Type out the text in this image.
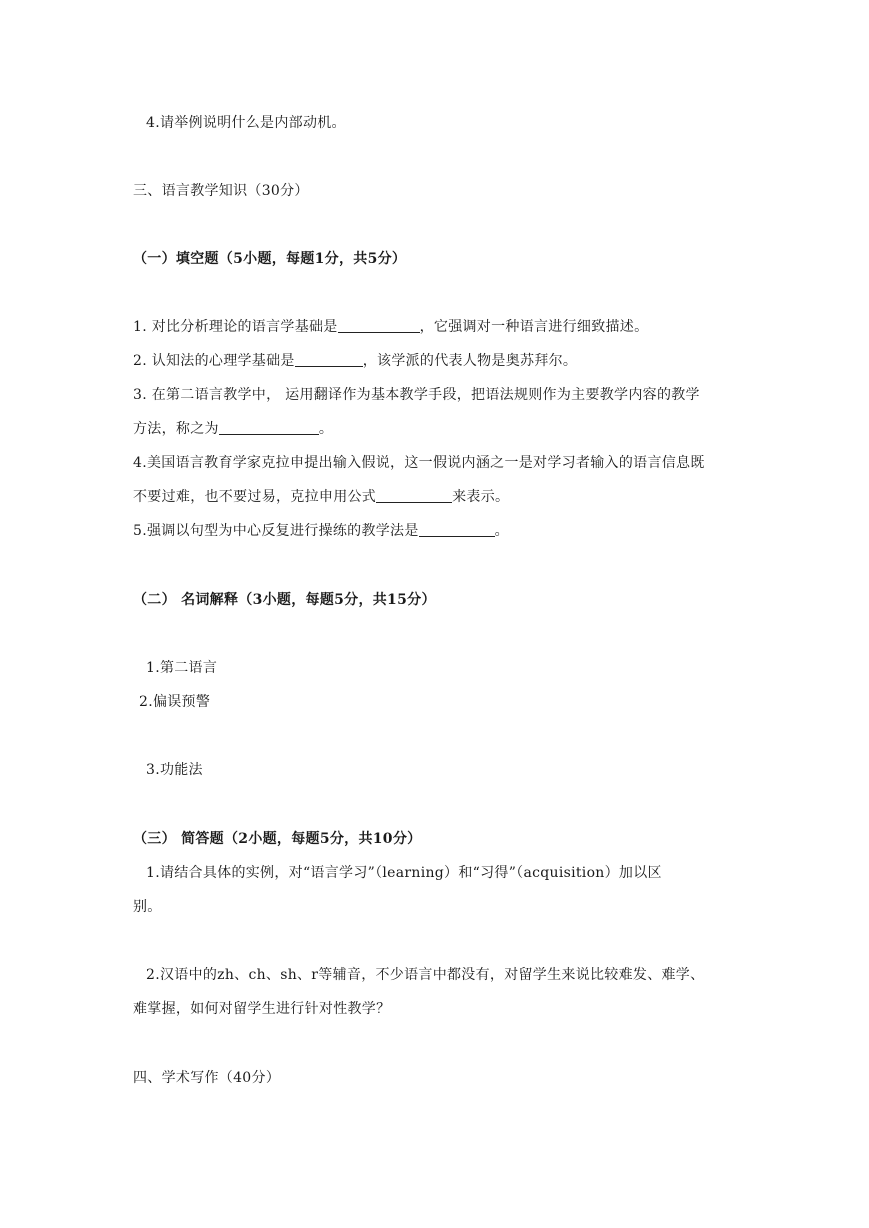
4.请举例说明什么是内部动机。
三、语言教学知识（30分）
（一）填空题（5小题，每题1分，共5分）
1. 对比分析理论的语言学基础是	，它强调对一种语言进行细致描述。
2. 认知法的心理学基础是	，该学派的代表人物是奥苏拜尔。
3. 在第二语言教学中， 运用翻译作为基本教学手段，把语法规则作为主要教学内容的教学
方法，称之为	。
4.美国语言教育学家克拉申提出输入假说，这一假说内涵之一是对学习者输入的语言信息既
不要过难，也不要过易，克拉申用公式	来表示。
5.强调以句型为中心反复进行操练的教学法是	。
（二） 名词解释（3小题，每题5分，共15分）
1.第二语言
2.偏误预警
3.功能法
（三） 简答题（2小题，每题5分，共10分）
1.请结合具体的实例，对“语言学习”（learning）和“习得”（acquisition）加以区
别。
2.汉语中的zh、ch、sh、r等辅音，不少语言中都没有，对留学生来说比较难发、难学、
难掌握，如何对留学生进行针对性教学？
四、学术写作（40分）
